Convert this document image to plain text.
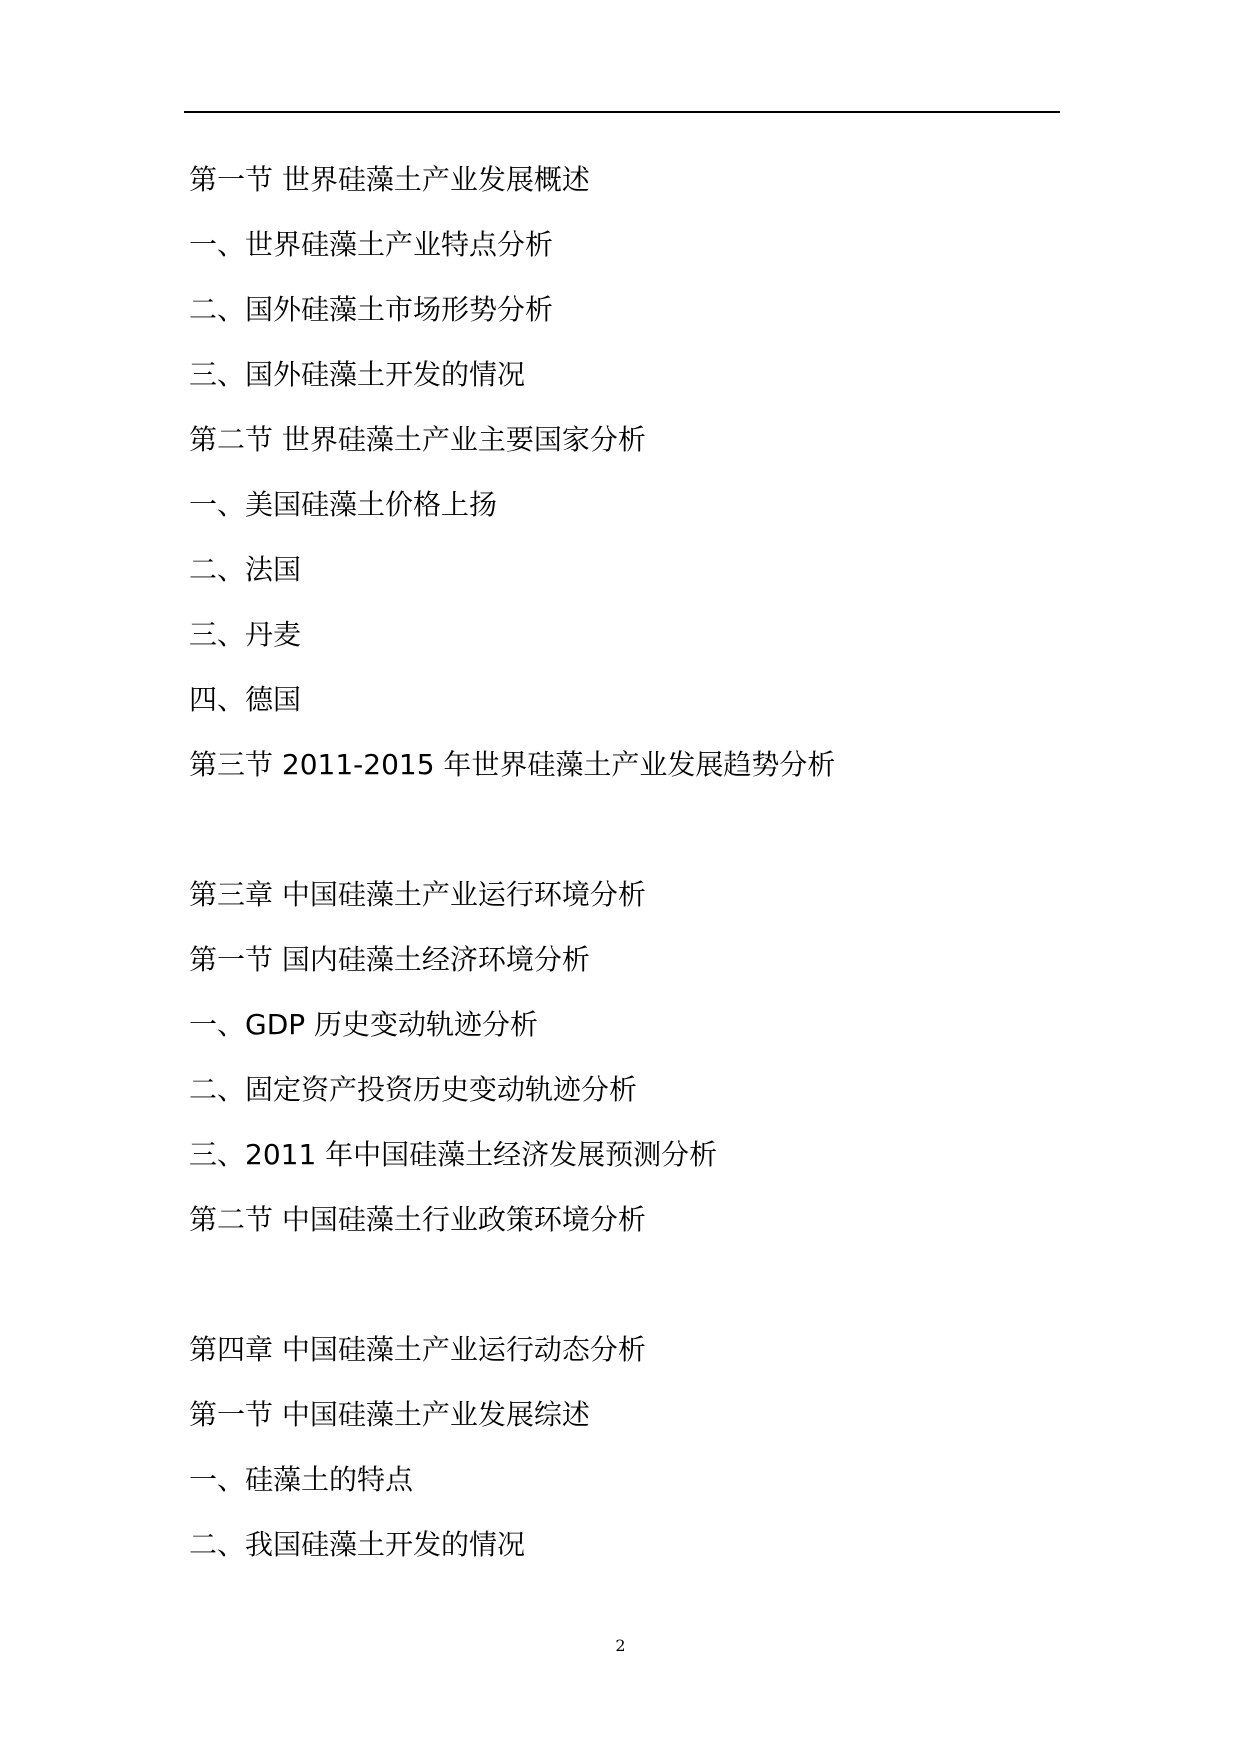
第一节 世界硅藻土产业发展概述
一、世界硅藻土产业特点分析
二、国外硅藻土市场形势分析
三、国外硅藻土开发的情况
第二节 世界硅藻土产业主要国家分析
一、美国硅藻土价格上扬
二、法国
三、丹麦
四、德国
第三节 2011-2015 年世界硅藻土产业发展趋势分析
第三章 中国硅藻土产业运行环境分析
第一节 国内硅藻土经济环境分析
一、GDP 历史变动轨迹分析
二、固定资产投资历史变动轨迹分析
三、2011 年中国硅藻土经济发展预测分析
第二节 中国硅藻土行业政策环境分析
第四章 中国硅藻土产业运行动态分析
第一节 中国硅藻土产业发展综述
一、硅藻土的特点
二、我国硅藻土开发的情况
2
